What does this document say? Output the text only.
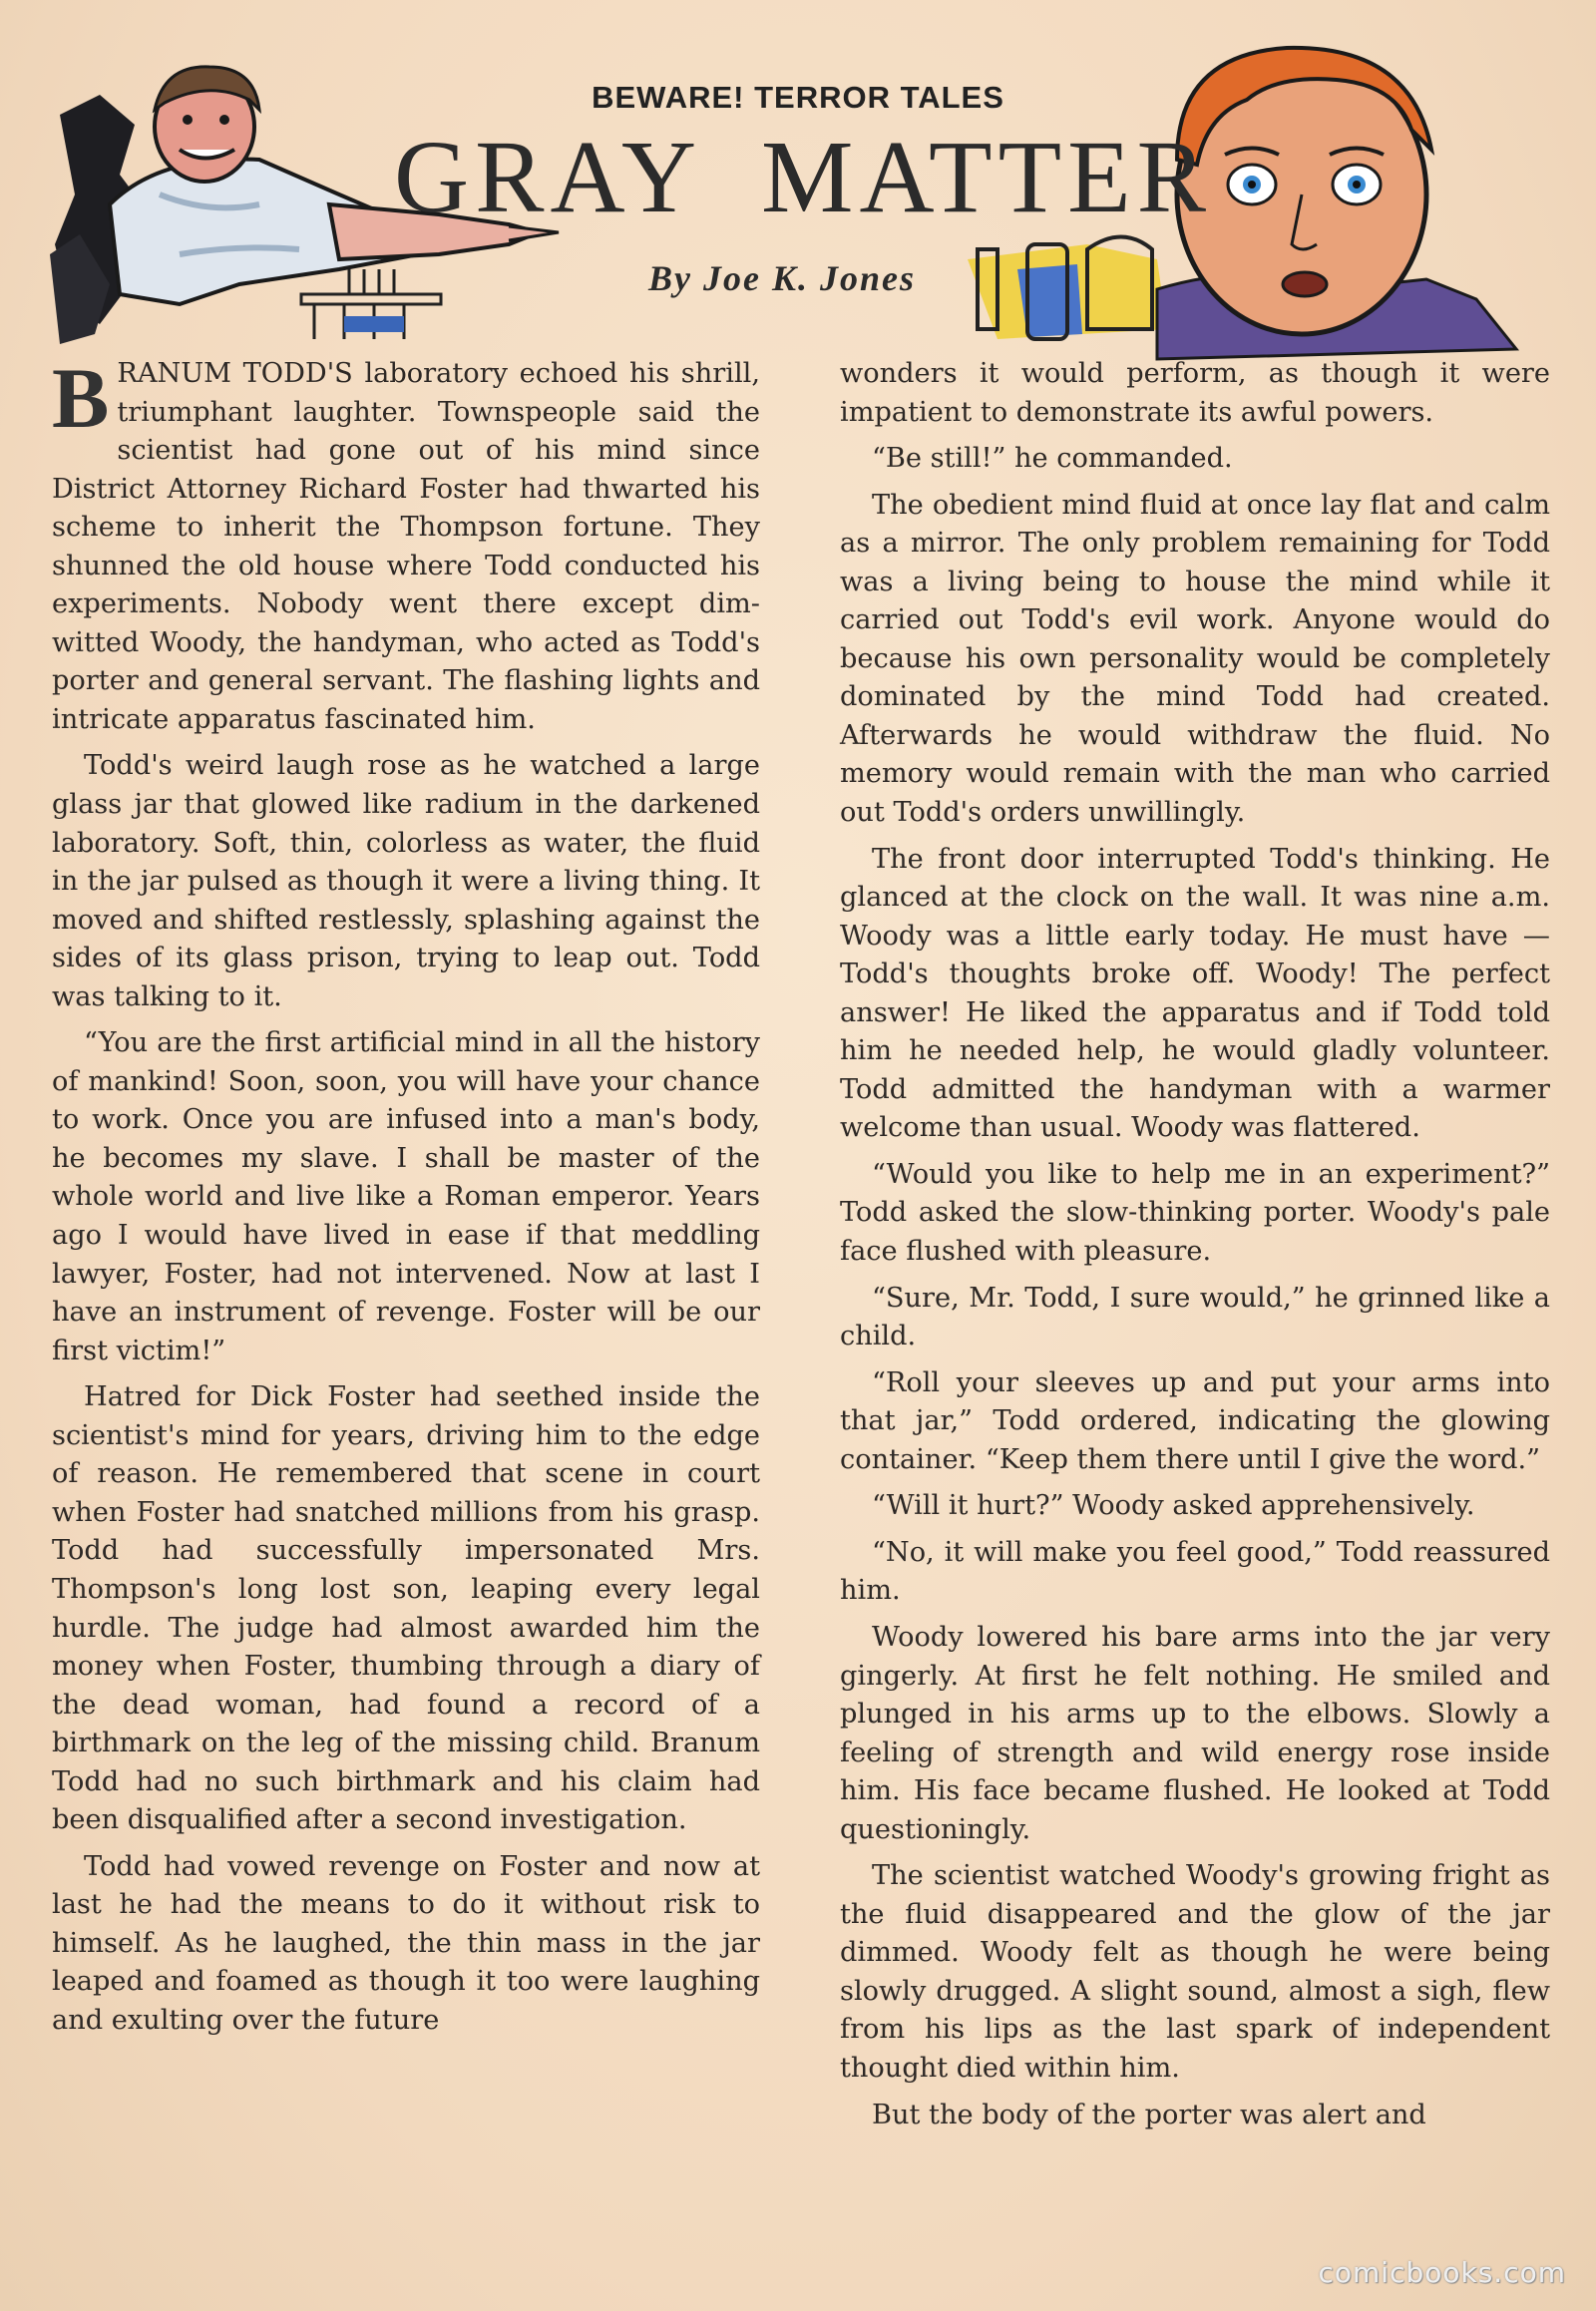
BEWARE! TERROR TALES
GRAY MATTER
By Joe K. Jones

BRANUM TODD'S laboratory echoed his shrill, triumphant laughter. Townspeople said the scientist had gone out of his mind since District Attorney Richard Foster had thwarted his scheme to inherit the Thompson fortune. They shunned the old house where Todd conducted his experiments. Nobody went there except dim-witted Woody, the handyman, who acted as Todd's porter and general servant. The flashing lights and intricate apparatus fascinated him.

Todd's weird laugh rose as he watched a large glass jar that glowed like radium in the darkened laboratory. Soft, thin, colorless as water, the fluid in the jar pulsed as though it were a living thing. It moved and shifted restlessly, splashing against the sides of its glass prison, trying to leap out. Todd was talking to it.

“You are the first artificial mind in all the history of mankind! Soon, soon, you will have your chance to work. Once you are infused into a man's body, he becomes my slave. I shall be master of the whole world and live like a Roman emperor. Years ago I would have lived in ease if that meddling lawyer, Foster, had not intervened. Now at last I have an instrument of revenge. Foster will be our first victim!”

Hatred for Dick Foster had seethed inside the scientist's mind for years, driving him to the edge of reason. He remembered that scene in court when Foster had snatched millions from his grasp. Todd had successfully impersonated Mrs. Thompson's long lost son, leaping every legal hurdle. The judge had almost awarded him the money when Foster, thumbing through a diary of the dead woman, had found a record of a birthmark on the leg of the missing child. Branum Todd had no such birthmark and his claim had been disqualified after a second investigation.

Todd had vowed revenge on Foster and now at last he had the means to do it without risk to himself. As he laughed, the thin mass in the jar leaped and foamed as though it too were laughing and exulting over the future

wonders it would perform, as though it were impatient to demonstrate its awful powers.

“Be still!” he commanded.

The obedient mind fluid at once lay flat and calm as a mirror. The only problem remaining for Todd was a living being to house the mind while it carried out Todd's evil work. Anyone would do because his own personality would be completely dominated by the mind Todd had created. Afterwards he would withdraw the fluid. No memory would remain with the man who carried out Todd's orders unwillingly.

The front door interrupted Todd's thinking. He glanced at the clock on the wall. It was nine a.m. Woody was a little early today. He must have — Todd's thoughts broke off. Woody! The perfect answer! He liked the apparatus and if Todd told him he needed help, he would gladly volunteer. Todd admitted the handyman with a warmer welcome than usual. Woody was flattered.

“Would you like to help me in an experiment?” Todd asked the slow-thinking porter. Woody's pale face flushed with pleasure.

“Sure, Mr. Todd, I sure would,” he grinned like a child.

“Roll your sleeves up and put your arms into that jar,” Todd ordered, indicating the glowing container. “Keep them there until I give the word.”

“Will it hurt?” Woody asked apprehensively.

“No, it will make you feel good,” Todd reassured him.

Woody lowered his bare arms into the jar very gingerly. At first he felt nothing. He smiled and plunged in his arms up to the elbows. Slowly a feeling of strength and wild energy rose inside him. His face became flushed. He looked at Todd questioningly.

The scientist watched Woody's growing fright as the fluid disappeared and the glow of the jar dimmed. Woody felt as though he were being slowly drugged. A slight sound, almost a sigh, flew from his lips as the last spark of independent thought died within him.

But the body of the porter was alert and

comicbooks.com
